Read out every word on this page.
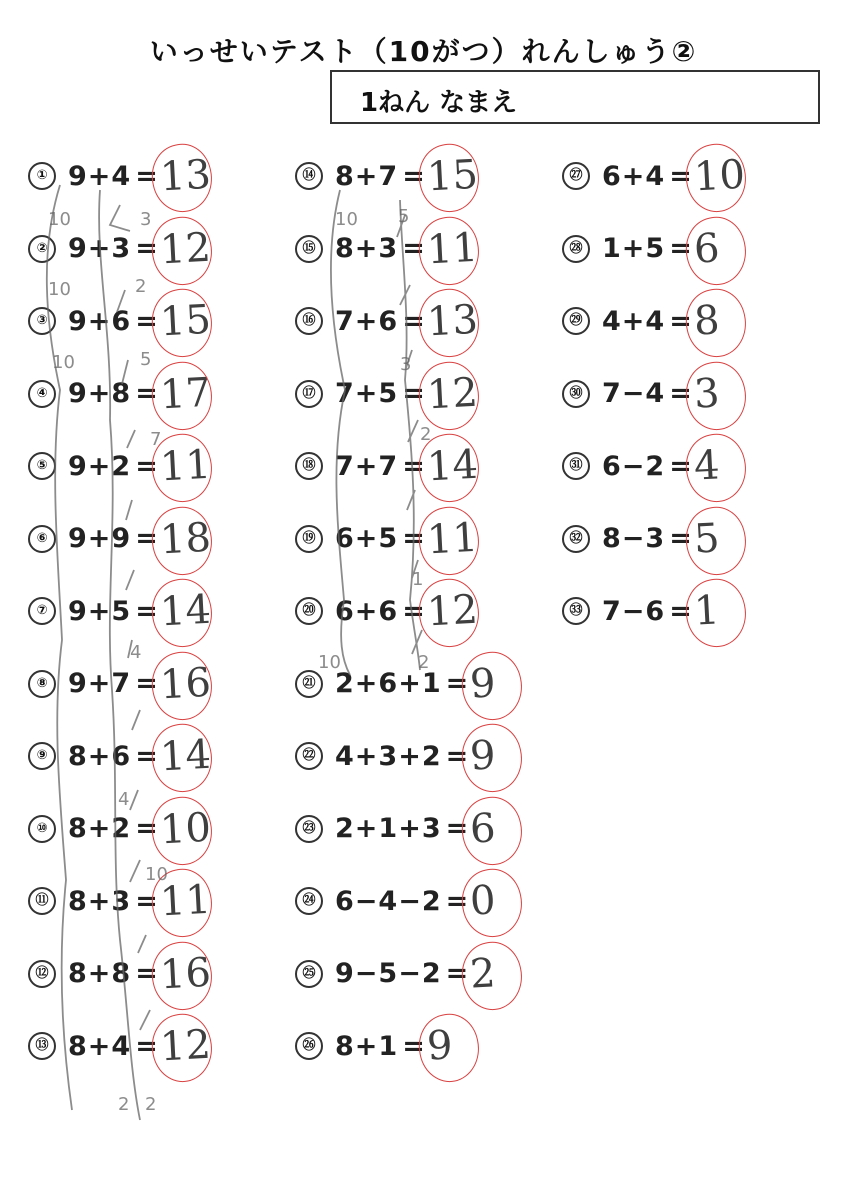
いっせいテスト（10がつ）れんしゅう②
1ねん なまえ
① 9+4 = 13
② 9+3 = 12
③ 9+6 = 15
④ 9+8 = 17
⑤ 9+2 = 11
⑥ 9+9 = 18
⑦ 9+5 = 14
⑧ 9+7 = 16
⑨ 8+6 = 14
⑩ 8+2 = 10
⑪ 8+3 = 11
⑫ 8+8 = 16
⑬ 8+4 = 12
⑭ 8+7 = 15
⑮ 8+3 = 11
⑯ 7+6 = 13
⑰ 7+5 = 12
⑱ 7+7 = 14
⑲ 6+5 = 11
⑳ 6+6 = 12
㉑ 2+6+1 = 9
㉒ 4+3+2 = 9
㉓ 2+1+3 = 6
㉔ 6−4−2 = 0
㉕ 9−5−2 = 2
㉖ 8+1 = 9
㉗ 6+4 = 10
㉘ 1+5 = 6
㉙ 4+4 = 8
㉚ 7−4 = 3
㉛ 6−2 = 4
㉜ 8−3 = 5
㉝ 7−6 = 1
10	3
10	2
10	5
7
4
4
10
2 2
10 5
3
2
1
10	2
